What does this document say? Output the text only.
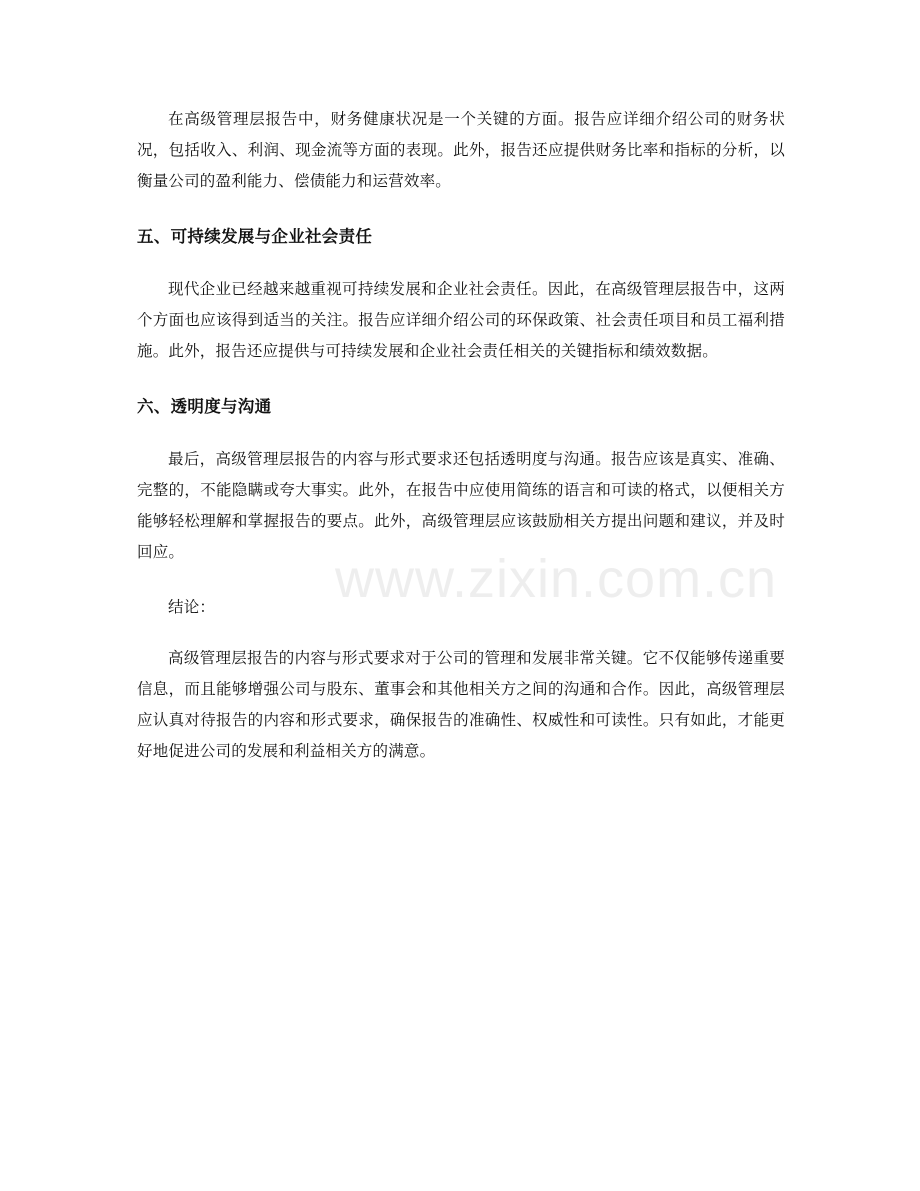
在高级管理层报告中，财务健康状况是一个关键的方面。报告应详细介绍公司的财务状况，包括收入、利润、现金流等方面的表现。此外，报告还应提供财务比率和指标的分析，以衡量公司的盈利能力、偿债能力和运营效率。

五、可持续发展与企业社会责任

现代企业已经越来越重视可持续发展和企业社会责任。因此，在高级管理层报告中，这两个方面也应该得到适当的关注。报告应详细介绍公司的环保政策、社会责任项目和员工福利措施。此外，报告还应提供与可持续发展和企业社会责任相关的关键指标和绩效数据。

六、透明度与沟通

最后，高级管理层报告的内容与形式要求还包括透明度与沟通。报告应该是真实、准确、完整的，不能隐瞒或夸大事实。此外，在报告中应使用简练的语言和可读的格式，以便相关方能够轻松理解和掌握报告的要点。此外，高级管理层应该鼓励相关方提出问题和建议，并及时回应。

结论：

高级管理层报告的内容与形式要求对于公司的管理和发展非常关键。它不仅能够传递重要信息，而且能够增强公司与股东、董事会和其他相关方之间的沟通和合作。因此，高级管理层应认真对待报告的内容和形式要求，确保报告的准确性、权威性和可读性。只有如此，才能更好地促进公司的发展和利益相关方的满意。

www.zixin.com.cn
